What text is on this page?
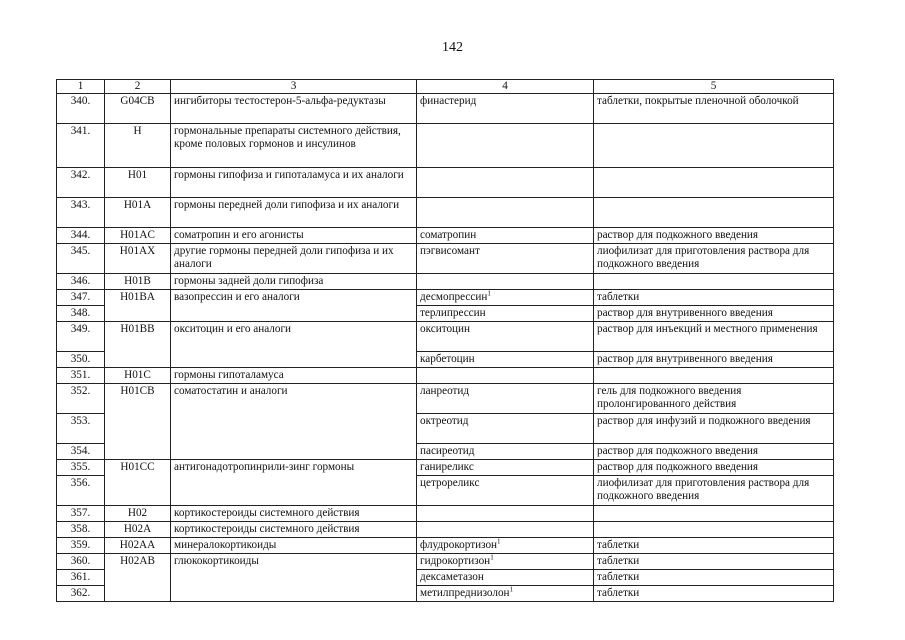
142
1	2	3	4	5
340.	G04CB	ингибиторы тестостерон-5-альфа-редуктазы	финастерид	таблетки, покрытые пленочной оболочкой
341.	H	гормональные препараты системного действия, кроме половых гормонов и инсулинов		
342.	H01	гормоны гипофиза и гипоталамуса и их аналоги		
343.	H01A	гормоны передней доли гипофиза и их аналоги		
344.	H01AC	соматропин и его агонисты	соматропин	раствор для подкожного введения
345.	H01AX	другие гормоны передней доли гипофиза и их аналоги	пэгвисомант	лиофилизат для приготовления раствора для подкожного введения
346.	H01B	гормоны задней доли гипофиза		
347.	H01BA	вазопрессин и его аналоги	десмопрессин$^1$	таблетки
348.			терлипрессин	раствор для внутривенного введения
349.	H01BB	окситоцин и его аналоги	окситоцин	раствор для инъекций и местного применения
350.			карбетоцин	раствор для внутривенного введения
351.	H01C	гормоны гипоталамуса		
352.	H01CB	соматостатин и аналоги	ланреотид	гель для подкожного введения пролонгированного действия
353.			октреотид	раствор для инфузий и подкожного введения
354.			пасиреотид	раствор для подкожного введения
355.	H01CC	антигонадотропинрили-зинг гормоны	ганиреликс	раствор для подкожного введения
356.			цетрореликс	лиофилизат для приготовления раствора для подкожного введения
357.	H02	кортикостероиды системного действия		
358.	H02A	кортикостероиды системного действия		
359.	H02AA	минералокортикоиды	флудрокортизон$^1$	таблетки
360.	H02AB	глюкокортикоиды	гидрокортизон$^1$	таблетки
361.			дексаметазон	таблетки
362.			метилпреднизолон$^1$	таблетки
